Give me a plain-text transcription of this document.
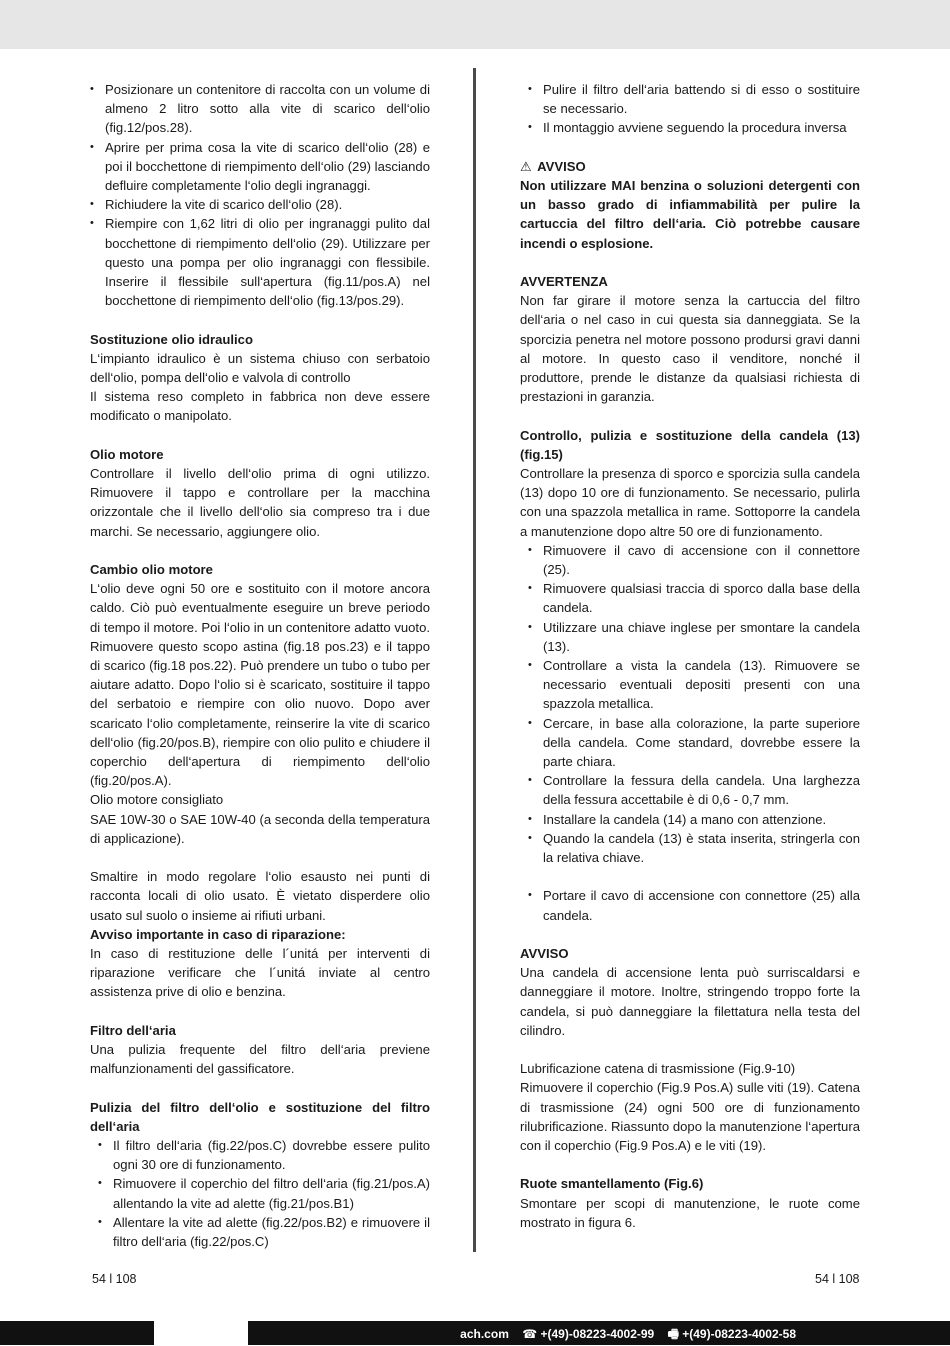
• Posizionare un contenitore di raccolta con un volume di almeno 2 litro sotto alla vite di scarico dell‘olio (fig.12/pos.28).
• Aprire per prima cosa la vite di scarico dell‘olio (28) e poi il bocchettone di riempimento dell‘olio (29) lasciando defluire completamente l‘olio degli ingranaggi.
• Richiudere la vite di scarico dell‘olio (28).
• Riempire con 1,62 litri di olio per ingranaggi pulito dal bocchettone di riempimento dell‘olio (29). Utilizzare per questo una pompa per olio ingranaggi con flessibile. Inserire il flessibile sull‘apertura (fig.11/pos.A) nel bocchettone di riempimento dell‘olio (fig.13/pos.29).

Sostituzione olio idraulico

L‘impianto idraulico è un sistema chiuso con serbatoio dell‘olio, pompa dell‘olio e valvola di controllo

Il sistema reso completo in fabbrica non deve essere modificato o manipolato.

Olio motore

Controllare il livello dell‘olio prima di ogni utilizzo. Rimuovere il tappo e controllare per la macchina orizzontale che il livello dell‘olio sia compreso tra i due marchi. Se necessario, aggiungere olio.

Cambio olio motore

L‘olio deve ogni 50 ore e sostituito con il motore ancora caldo. Ciò può eventualmente eseguire un breve periodo di tempo il motore. Poi l‘olio in un contenitore adatto vuoto. Rimuovere questo scopo astina (fig.18 pos.23) e il tappo di scarico (fig.18 pos.22). Può prendere un tubo o tubo per aiutare adatto. Dopo l‘olio si è scaricato, sostituire il tappo del serbatoio e riempire con olio nuovo. Dopo aver scaricato l‘olio completamente, reinserire la vite di scarico dell‘olio (fig.20/pos.B), riempire con olio pulito e chiudere il coperchio dell‘apertura di riempimento dell‘olio (fig.20/pos.A).

Olio motore consigliato

SAE 10W-30 o SAE 10W-40 (a seconda della temperatura di applicazione).

Smaltire in modo regolare l‘olio esausto nei punti di racconta locali di olio usato. È vietato disperdere olio usato sul suolo o insieme ai rifiuti urbani.

Avviso importante in caso di riparazione:

In caso di restituzione delle l´unitá per interventi di riparazione verificare che l´unitá inviate al centro assistenza prive di olio e benzina.

Filtro dell‘aria

Una pulizia frequente del filtro dell‘aria previene malfunzionamenti del gassificatore.

Pulizia del filtro dell‘olio e sostituzione del filtro dell‘aria

• Il filtro dell‘aria (fig.22/pos.C) dovrebbe essere pulito ogni 30 ore di funzionamento.
• Rimuovere il coperchio del filtro dell‘aria (fig.21/pos.A) allentando la vite ad alette (fig.21/pos.B1)
• Allentare la vite ad alette (fig.22/pos.B2) e rimuovere il filtro dell‘aria (fig.22/pos.C)
• Pulire il filtro dell‘aria battendo si di esso o sostituire se necessario.
• Il montaggio avviene seguendo la procedura inversa

⚠ AVVISO

Non utilizzare MAI benzina o soluzioni detergenti con un basso grado di infiammabilità per pulire la cartuccia del filtro dell‘aria. Ciò potrebbe causare incendi o esplosione.

AVVERTENZA

Non far girare il motore senza la cartuccia del filtro dell‘aria o nel caso in cui questa sia danneggiata. Se la sporcizia penetra nel motore possono prodursi gravi danni al motore. In questo caso il venditore, nonché il produttore, prende le distanze da qualsiasi richiesta di prestazioni in garanzia.

Controllo, pulizia e sostituzione della candela (13) (fig.15)

Controllare la presenza di sporco e sporcizia sulla candela (13) dopo 10 ore di funzionamento. Se necessario, pulirla con una spazzola metallica in rame. Sottoporre la candela a manutenzione dopo altre 50 ore di funzionamento.

• Rimuovere il cavo di accensione con il connettore (25).
• Rimuovere qualsiasi traccia di sporco dalla base della candela.
• Utilizzare una chiave inglese per smontare la candela (13).
• Controllare a vista la candela (13). Rimuovere se necessario eventuali depositi presenti con una spazzola metallica.
• Cercare, in base alla colorazione, la parte superiore della candela. Come standard, dovrebbe essere la parte chiara.
• Controllare la fessura della candela. Una larghezza della fessura accettabile è di 0,6 - 0,7 mm.
• Installare la candela (14) a mano con attenzione.
• Quando la candela (13) è stata inserita, stringerla con la relativa chiave.
• Portare il cavo di accensione con connettore (25) alla candela.

AVVISO

Una candela di accensione lenta può surriscaldarsi e danneggiare il motore. Inoltre, stringendo troppo forte la candela, si può danneggiare la filettatura nella testa del cilindro.

Lubrificazione catena di trasmissione (Fig.9-10)

Rimuovere il coperchio (Fig.9 Pos.A) sulle viti (19). Catena di trasmissione (24) ogni 500 ore di funzionamento rilubrificazione. Riassunto dopo la manutenzione l‘apertura con il coperchio (Fig.9 Pos.A) e le viti (19).

Ruote smantellamento (Fig.6)

Smontare per scopi di manutenzione, le ruote come mostrato in figura 6.

54 l 108	54 l 108
ach.com ☎ +(49)-08223-4002-99 🖷 +(49)-08223-4002-58
